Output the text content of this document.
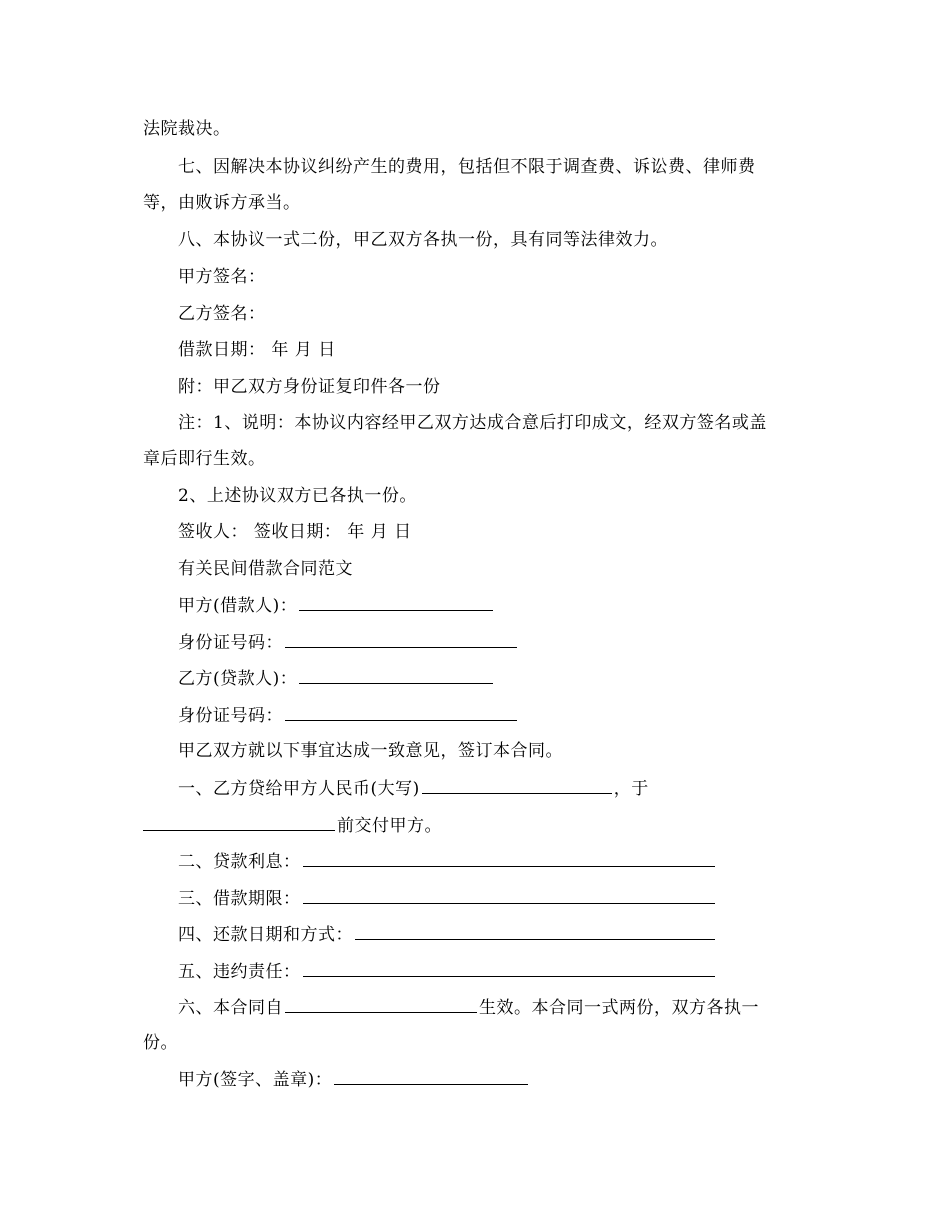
法院裁决。
七、因解决本协议纠纷产生的费用，包括但不限于调查费、诉讼费、律师费
等，由败诉方承当。
八、本协议一式二份，甲乙双方各执一份，具有同等法律效力。
甲方签名：
乙方签名：
借款日期： 年 月 日
附：甲乙双方身份证复印件各一份
注：1、说明：本协议内容经甲乙双方达成合意后打印成文，经双方签名或盖
章后即行生效。
2、上述协议双方已各执一份。
签收人： 签收日期： 年 月 日
有关民间借款合同范文
甲方(借款人)：
身份证号码：
乙方(贷款人)：
身份证号码：
甲乙双方就以下事宜达成一致意见，签订本合同。
一、乙方贷给甲方人民币(大写)	，于
前交付甲方。
二、贷款利息：
三、借款期限：
四、还款日期和方式：
五、违约责任：
六、本合同自	生效。本合同一式两份，双方各执一
份。
甲方(签字、盖章)：
